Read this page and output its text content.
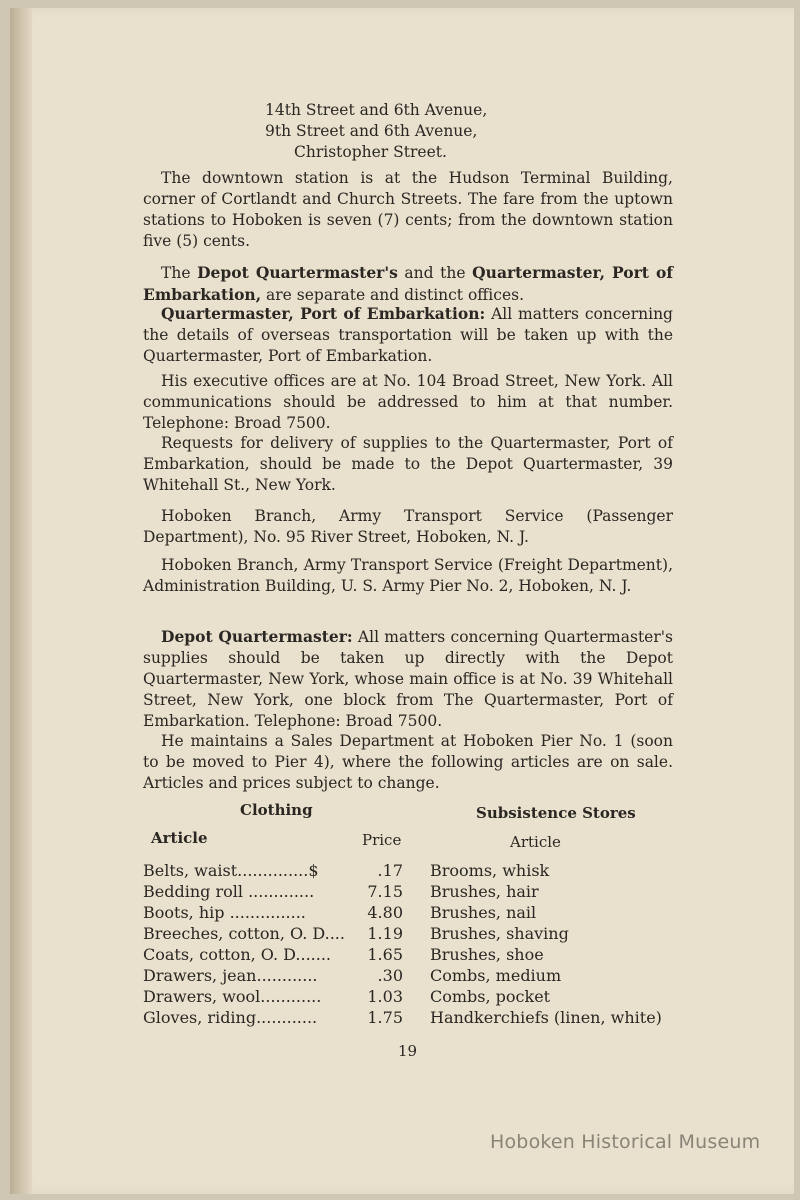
14th Street and 6th Avenue,
9th Street and 6th Avenue,
Christopher Street.

The downtown station is at the Hudson Terminal Building, corner of Cortlandt and Church Streets. The fare from the uptown stations to Hoboken is seven (7) cents; from the downtown station five (5) cents.

The Depot Quartermaster's and the Quartermaster, Port of Embarkation, are separate and distinct offices.

Quartermaster, Port of Embarkation: All matters concerning the details of overseas transportation will be taken up with the Quartermaster, Port of Embarkation.

His executive offices are at No. 104 Broad Street, New York. All communications should be addressed to him at that number. Telephone: Broad 7500.

Requests for delivery of supplies to the Quartermaster, Port of Embarkation, should be made to the Depot Quartermaster, 39 Whitehall St., New York.

Hoboken Branch, Army Transport Service (Passenger Department), No. 95 River Street, Hoboken, N. J.

Hoboken Branch, Army Transport Service (Freight Department), Administration Building, U. S. Army Pier No. 2, Hoboken, N. J.

Depot Quartermaster: All matters concerning Quartermaster's supplies should be taken up directly with the Depot Quartermaster, New York, whose main office is at No. 39 Whitehall Street, New York, one block from The Quartermaster, Port of Embarkation. Telephone: Broad 7500.

He maintains a Sales Department at Hoboken Pier No. 1 (soon to be moved to Pier 4), where the following articles are on sale. Articles and prices subject to change.

Clothing	Subsistence Stores
Article	Price	Article
Belts, waist..............$	.17 Brooms, whisk
Bedding roll .............	7.15 Brushes, hair
Boots, hip ...............	4.80 Brushes, nail
Breeches, cotton, O. D....	1.19 Brushes, shaving
Coats, cotton, O. D.......	1.65 Brushes, shoe
Drawers, jean............	.30 Combs, medium
Drawers, wool............	1.03 Combs, pocket
Gloves, riding............	1.75 Handkerchiefs (linen, white)
19
Hoboken Historical Museum
